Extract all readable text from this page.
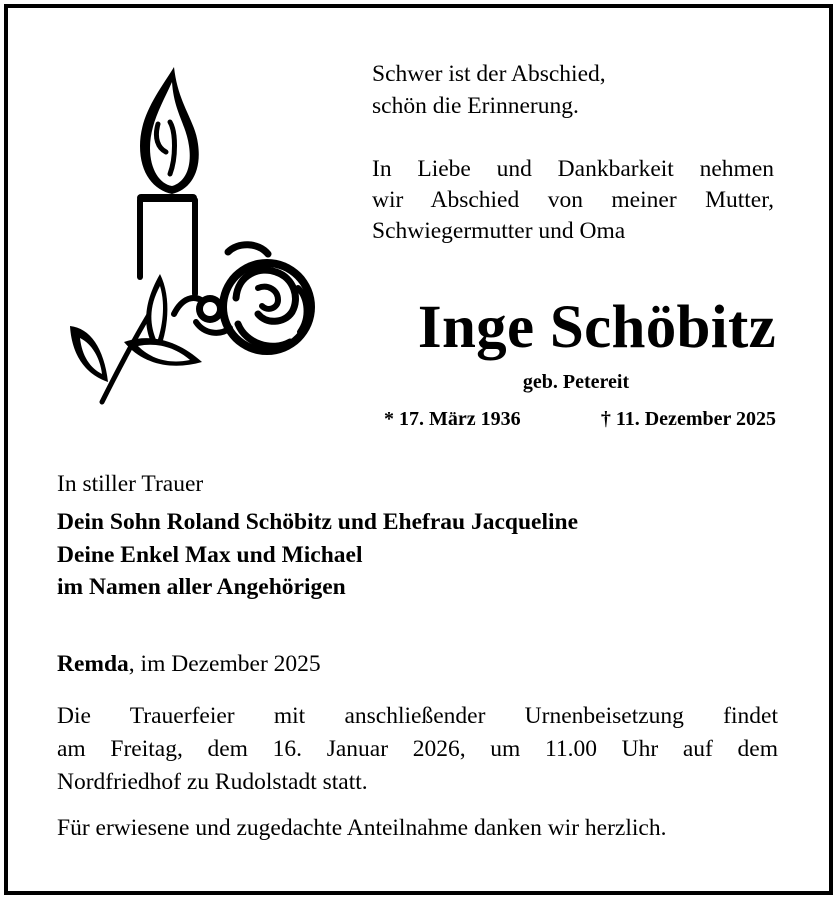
Schwer ist der Abschied,
schön die Erinnerung.
In Liebe und Dankbarkeit nehmen
wir Abschied von meiner Mutter,
Schwiegermutter und Oma
Inge Schöbitz
geb. Petereit
* 17. März 1936	† 11. Dezember 2025
In stiller Trauer
Dein Sohn Roland Schöbitz und Ehefrau Jacqueline
Deine Enkel Max und Michael
im Namen aller Angehörigen
Remda, im Dezember 2025
Die Trauerfeier mit anschließender Urnenbeisetzung findet
am Freitag, dem 16. Januar 2026, um 11.00 Uhr auf dem
Nordfriedhof zu Rudolstadt statt.
Für erwiesene und zugedachte Anteilnahme danken wir herzlich.
